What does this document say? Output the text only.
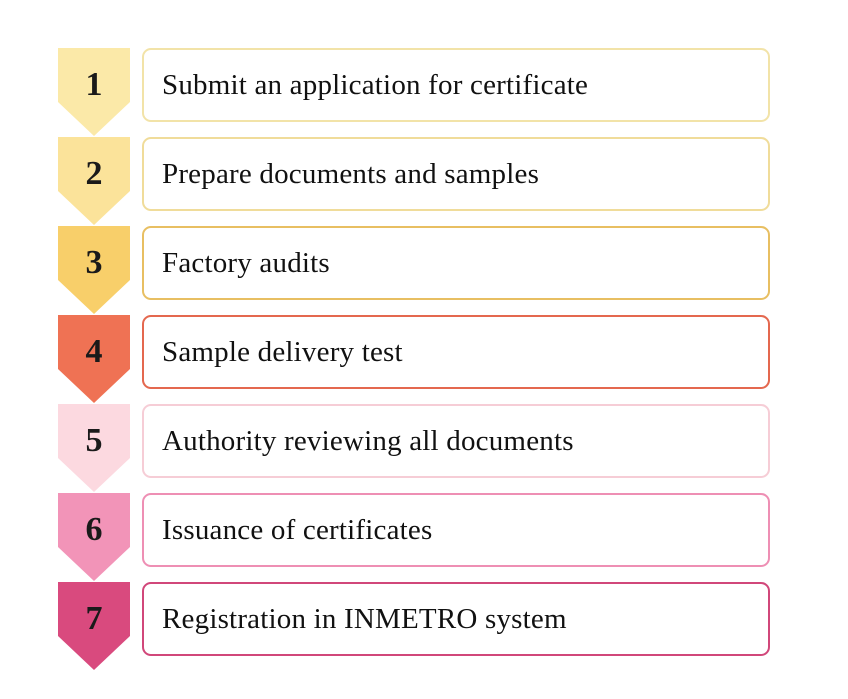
1	Submit an application for certificate
2	Prepare documents and samples
3	Factory audits
4	Sample delivery test
5	Authority reviewing all documents
6	Issuance of certificates
7	Registration in INMETRO system
